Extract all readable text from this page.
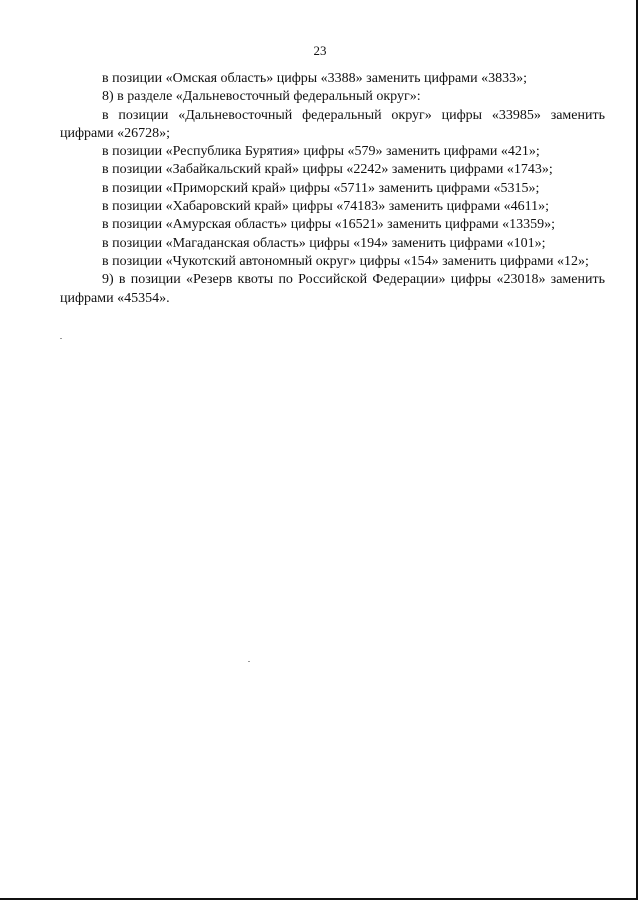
23

в позиции «Омская область» цифры «3388» заменить цифрами «3833»;

8) в разделе «Дальневосточный федеральный округ»:

в позиции «Дальневосточный федеральный округ» цифры «33985» заменить цифрами «26728»;

в позиции «Республика Бурятия» цифры «579» заменить цифрами «421»;

в позиции «Забайкальский край» цифры «2242» заменить цифрами «1743»;

в позиции «Приморский край» цифры «5711» заменить цифрами «5315»;

в позиции «Хабаровский край» цифры «74183» заменить цифрами «4611»;

в позиции «Амурская область» цифры «16521» заменить цифрами «13359»;

в позиции «Магаданская область» цифры «194» заменить цифрами «101»;

в позиции «Чукотский автономный округ» цифры «154» заменить цифрами «12»;

9) в позиции «Резерв квоты по Российской Федерации» цифры «23018» заменить цифрами «45354».
